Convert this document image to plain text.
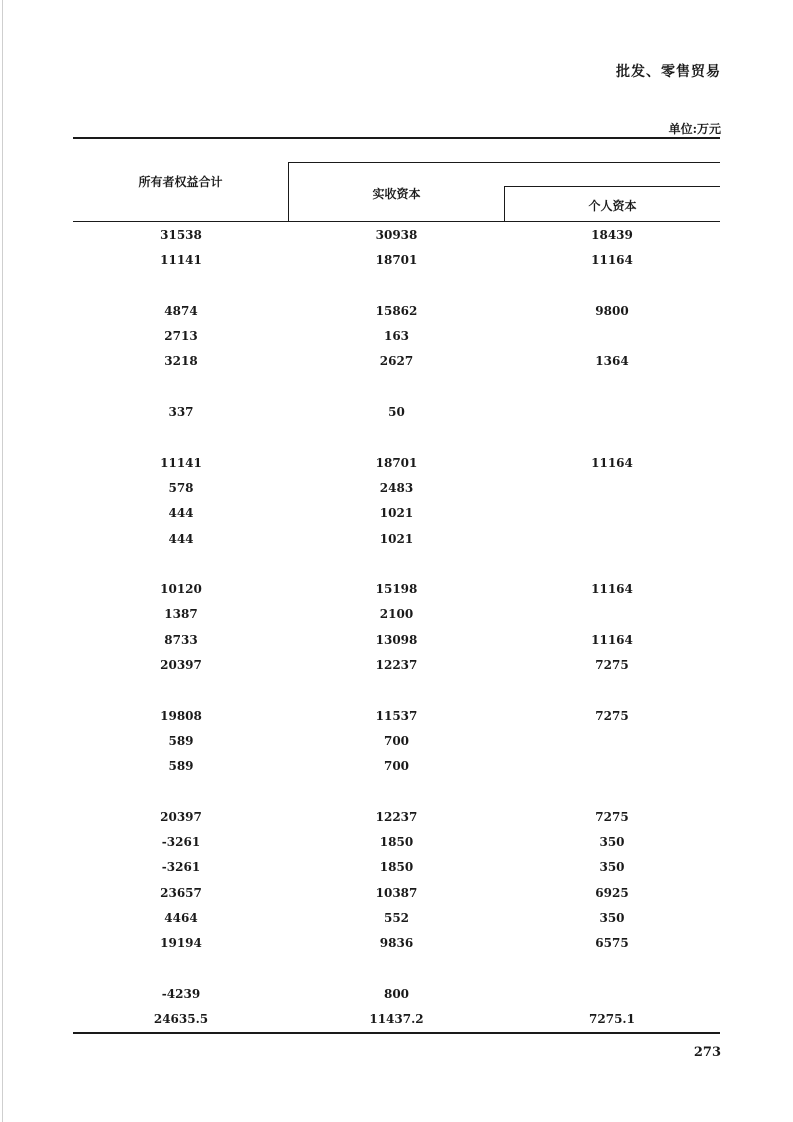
批发、零售贸易
单位:万元
所有者权益合计
实收资本
个人资本
31538	30938	18439
11141	18701	11164
4874	15862	9800
2713	163
3218	2627	1364
337	50
11141	18701	11164
578	2483
444	1021
444	1021
10120	15198	11164
1387	2100
8733	13098	11164
20397	12237	7275
19808	11537	7275
589	700
589	700
20397	12237	7275
-3261	1850	350
-3261	1850	350
23657	10387	6925
4464	552	350
19194	9836	6575
-4239	800
24635.5	11437.2	7275.1
273
